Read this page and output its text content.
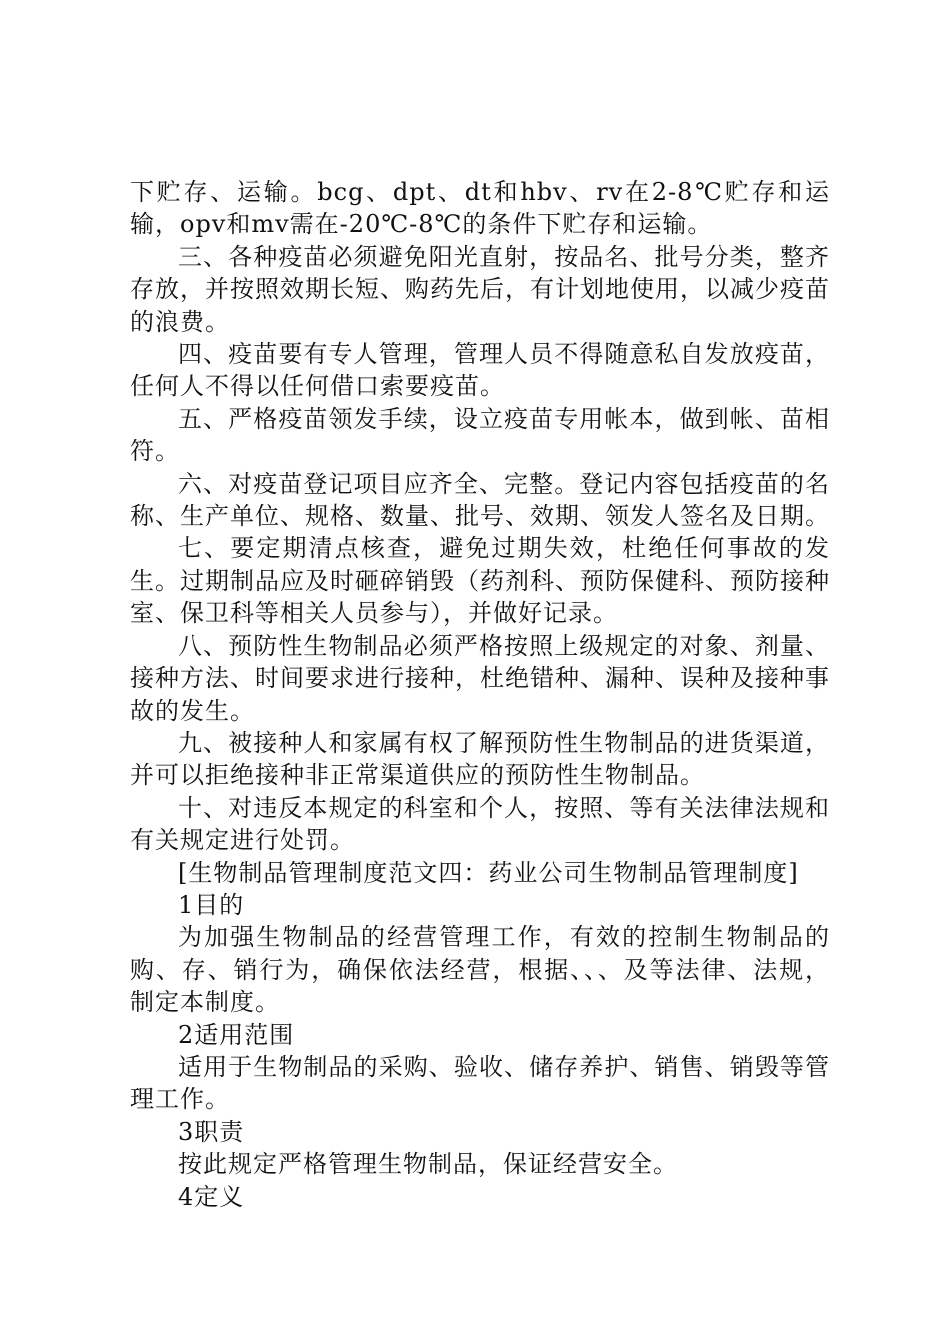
下贮存、运输。bcg、dpt、dt和hbv、rv在2-8℃贮存和运输，opv和mv需在-20℃-8℃的条件下贮存和运输。

三、各种疫苗必须避免阳光直射，按品名、批号分类，整齐存放，并按照效期长短、购药先后，有计划地使用，以减少疫苗的浪费。

四、疫苗要有专人管理，管理人员不得随意私自发放疫苗，任何人不得以任何借口索要疫苗。

五、严格疫苗领发手续，设立疫苗专用帐本，做到帐、苗相符。

六、对疫苗登记项目应齐全、完整。登记内容包括疫苗的名称、生产单位、规格、数量、批号、效期、领发人签名及日期。

七、要定期清点核查，避免过期失效，杜绝任何事故的发生。过期制品应及时砸碎销毁（药剂科、预防保健科、预防接种室、保卫科等相关人员参与），并做好记录。

八、预防性生物制品必须严格按照上级规定的对象、剂量、接种方法、时间要求进行接种，杜绝错种、漏种、误种及接种事故的发生。

九、被接种人和家属有权了解预防性生物制品的进货渠道，并可以拒绝接种非正常渠道供应的预防性生物制品。

十、对违反本规定的科室和个人，按照、等有关法律法规和有关规定进行处罚。

[生物制品管理制度范文四：药业公司生物制品管理制度]

1目的

为加强生物制品的经营管理工作，有效的控制生物制品的购、存、销行为，确保依法经营，根据、、、及等法律、法规，制定本制度。

2适用范围

适用于生物制品的采购、验收、储存养护、销售、销毁等管理工作。

3职责

按此规定严格管理生物制品，保证经营安全。

4定义
